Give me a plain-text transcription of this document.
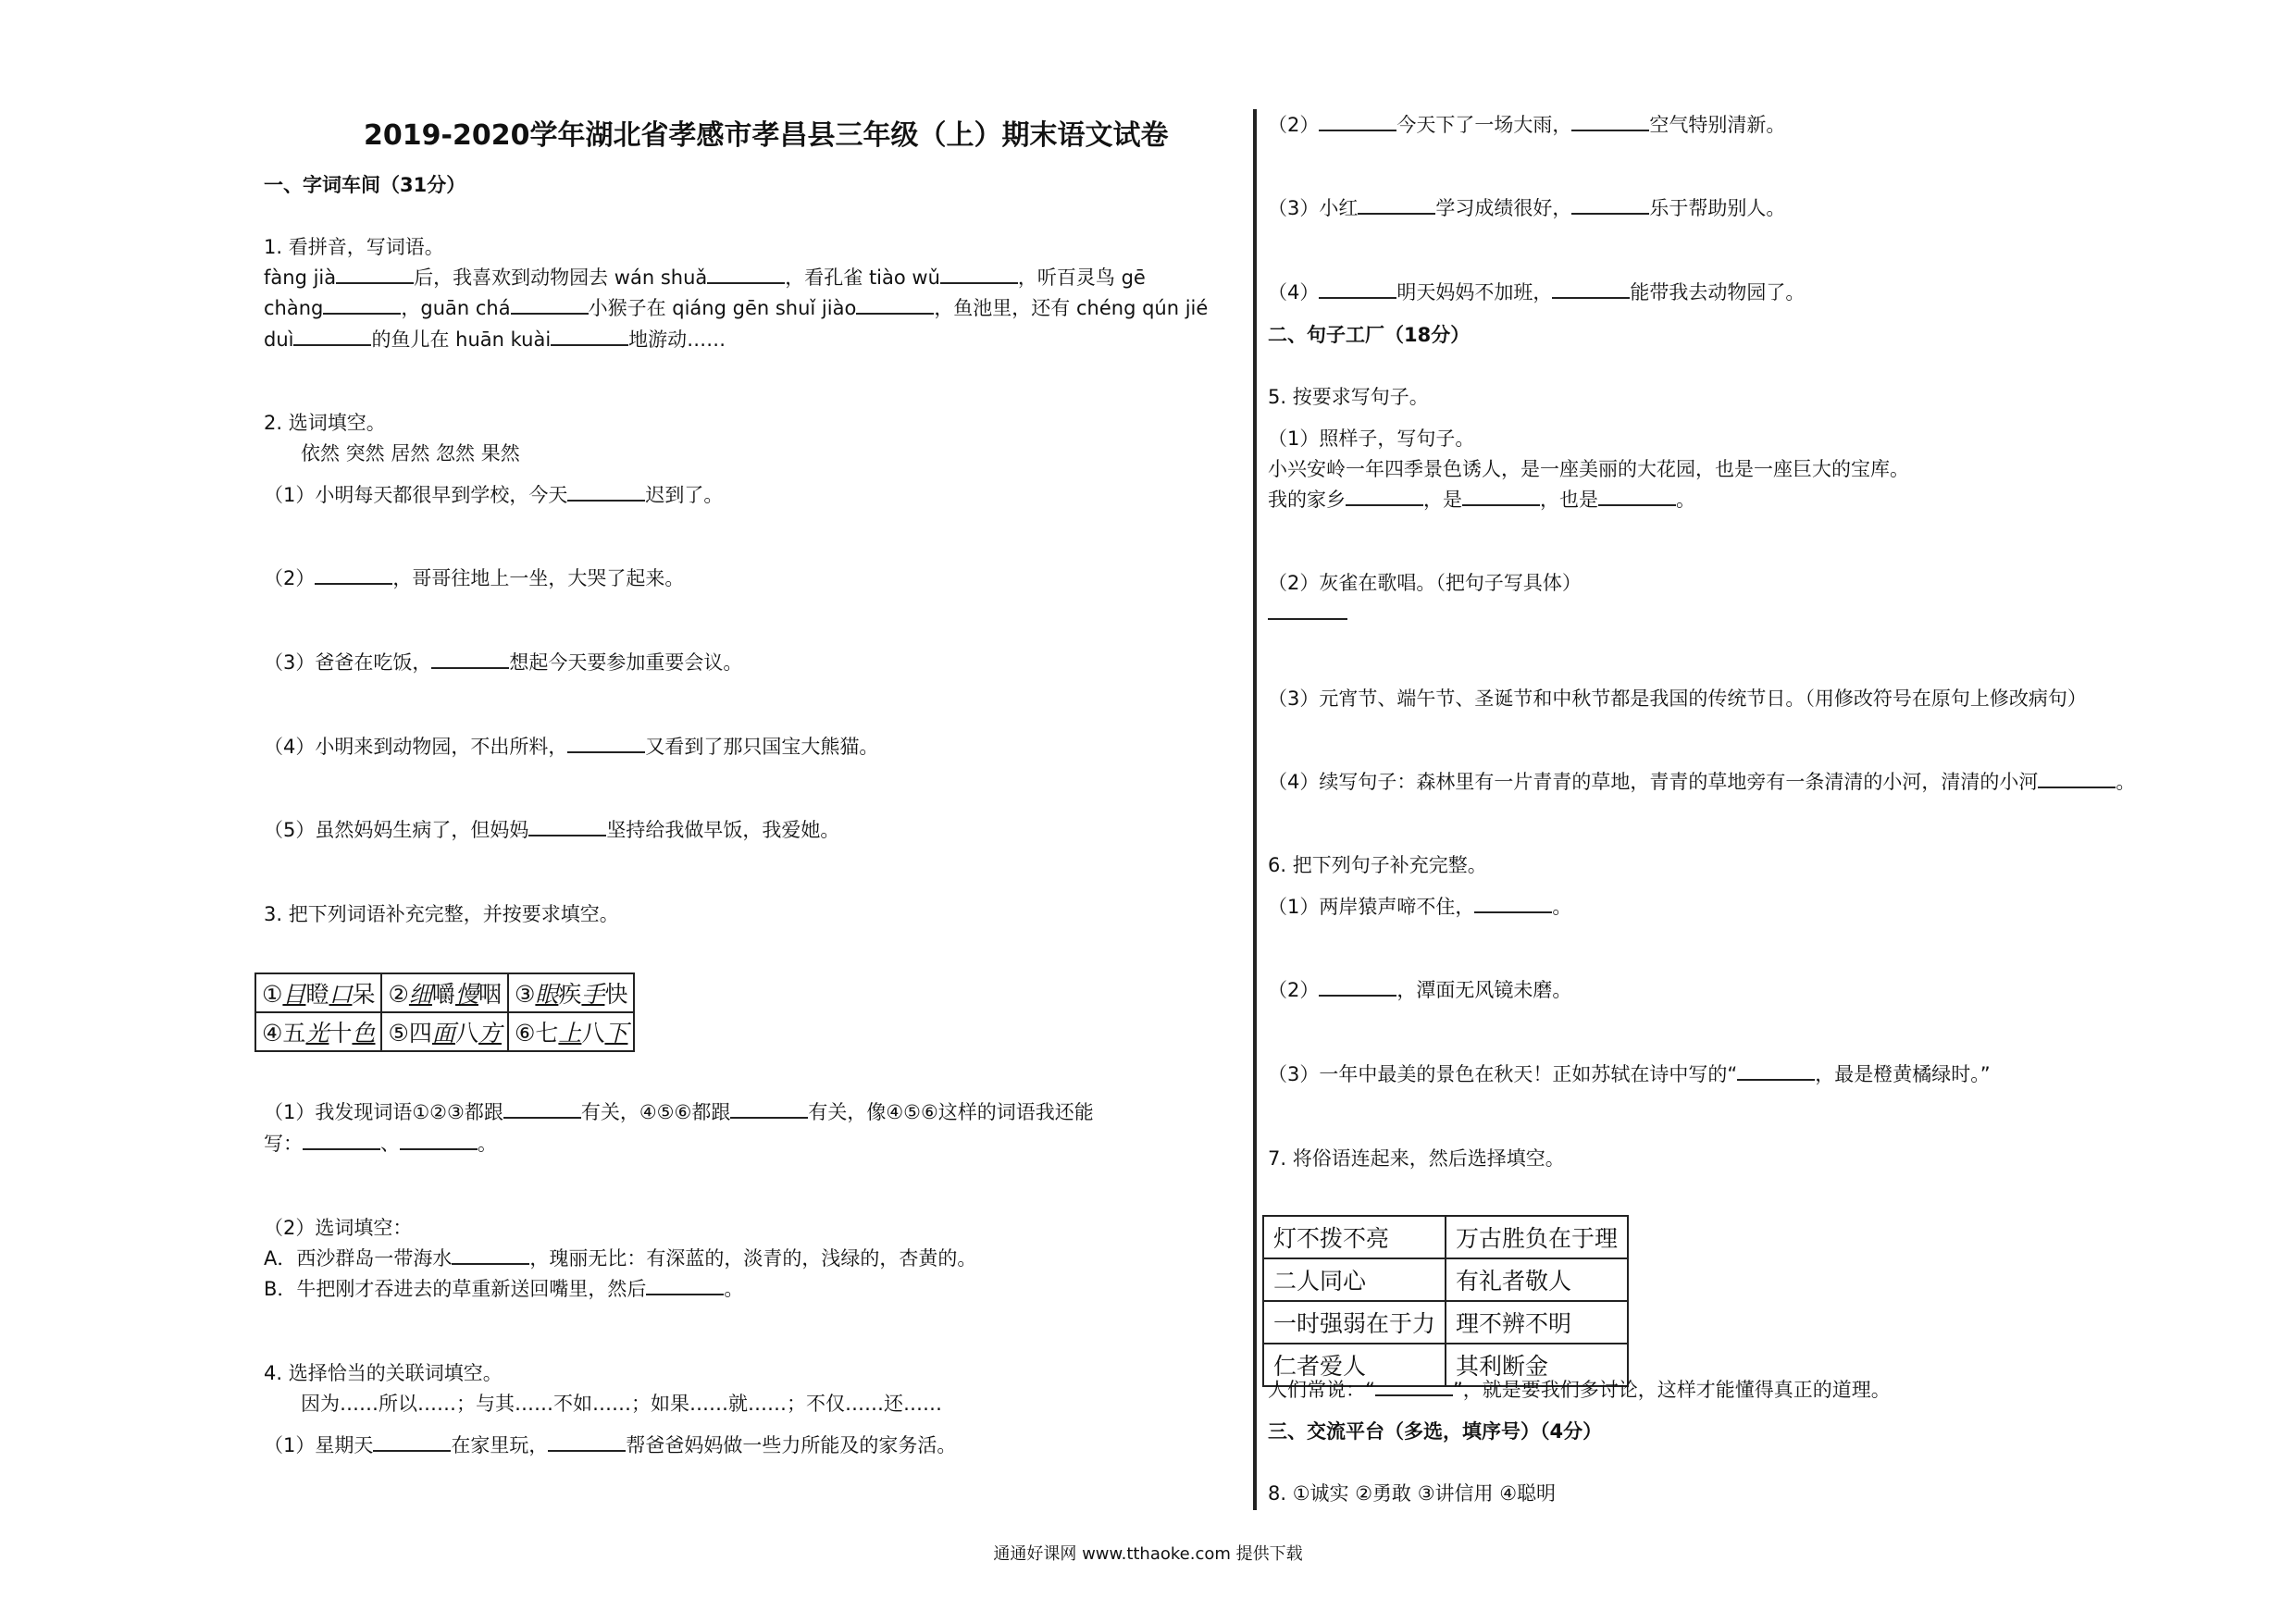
2019-2020学年湖北省孝感市孝昌县三年级（上）期末语文试卷
一、字词车间（31分）
1. 看拼音，写词语。
fàng jià	后，我喜欢到动物园去 wán shuǎ	，看孔雀 tiào wǔ	，听百灵鸟 gē
chàng	，guān chá	小猴子在 qiáng gēn shuǐ jiào	，鱼池里，还有 chéng qún jié
duì	的鱼儿在 huān kuài	地游动……
2. 选词填空。
依然 突然 居然 忽然 果然
（1）小明每天都很早到学校，今天	迟到了。
（2）	，哥哥往地上一坐，大哭了起来。
（3）爸爸在吃饭，	想起今天要参加重要会议。
（4）小明来到动物园，不出所料，	又看到了那只国宝大熊猫。
（5）虽然妈妈生病了，但妈妈	坚持给我做早饭，我爱她。
3. 把下列词语补充完整，并按要求填空。
①目瞪口呆	②细嚼慢咽	③眼疾手快
④五光十色	⑤四面八方	⑥七上八下
（1）我发现词语①②③都跟	有关，④⑤⑥都跟	有关，像④⑤⑥这样的词语我还能
写：	、	。
（2）选词填空：
A．西沙群岛一带海水	，瑰丽无比：有深蓝的，淡青的，浅绿的，杏黄的。
B．牛把刚才吞进去的草重新送回嘴里，然后	。
4. 选择恰当的关联词填空。
因为……所以……；与其……不如……；如果……就……；不仅……还……
（1）星期天	在家里玩，	帮爸爸妈妈做一些力所能及的家务活。
（2）	今天下了一场大雨，	空气特别清新。
（3）小红	学习成绩很好，	乐于帮助别人。
（4）	明天妈妈不加班，	能带我去动物园了。
二、句子工厂（18分）
5. 按要求写句子。
（1）照样子，写句子。
小兴安岭一年四季景色诱人，是一座美丽的大花园，也是一座巨大的宝库。
我的家乡	，是	，也是	。
（2）灰雀在歌唱。（把句子写具体）
（3）元宵节、端午节、圣诞节和中秋节都是我国的传统节日。（用修改符号在原句上修改病句）
（4）续写句子：森林里有一片青青的草地，青青的草地旁有一条清清的小河，清清的小河	。
6. 把下列句子补充完整。
（1）两岸猿声啼不住，	。
（2）	，潭面无风镜未磨。
（3）一年中最美的景色在秋天！正如苏轼在诗中写的“	，最是橙黄橘绿时。”
7. 将俗语连起来，然后选择填空。
灯不拨不亮	万古胜负在于理
二人同心	有礼者敬人
一时强弱在于力	理不辨不明
仁者爱人	其利断金
人们常说：“	”，就是要我们多讨论，这样才能懂得真正的道理。
三、交流平台（多选，填序号）（4分）
8. ①诚实 ②勇敢 ③讲信用 ④聪明
通通好课网 www.tthaoke.com 提供下载
